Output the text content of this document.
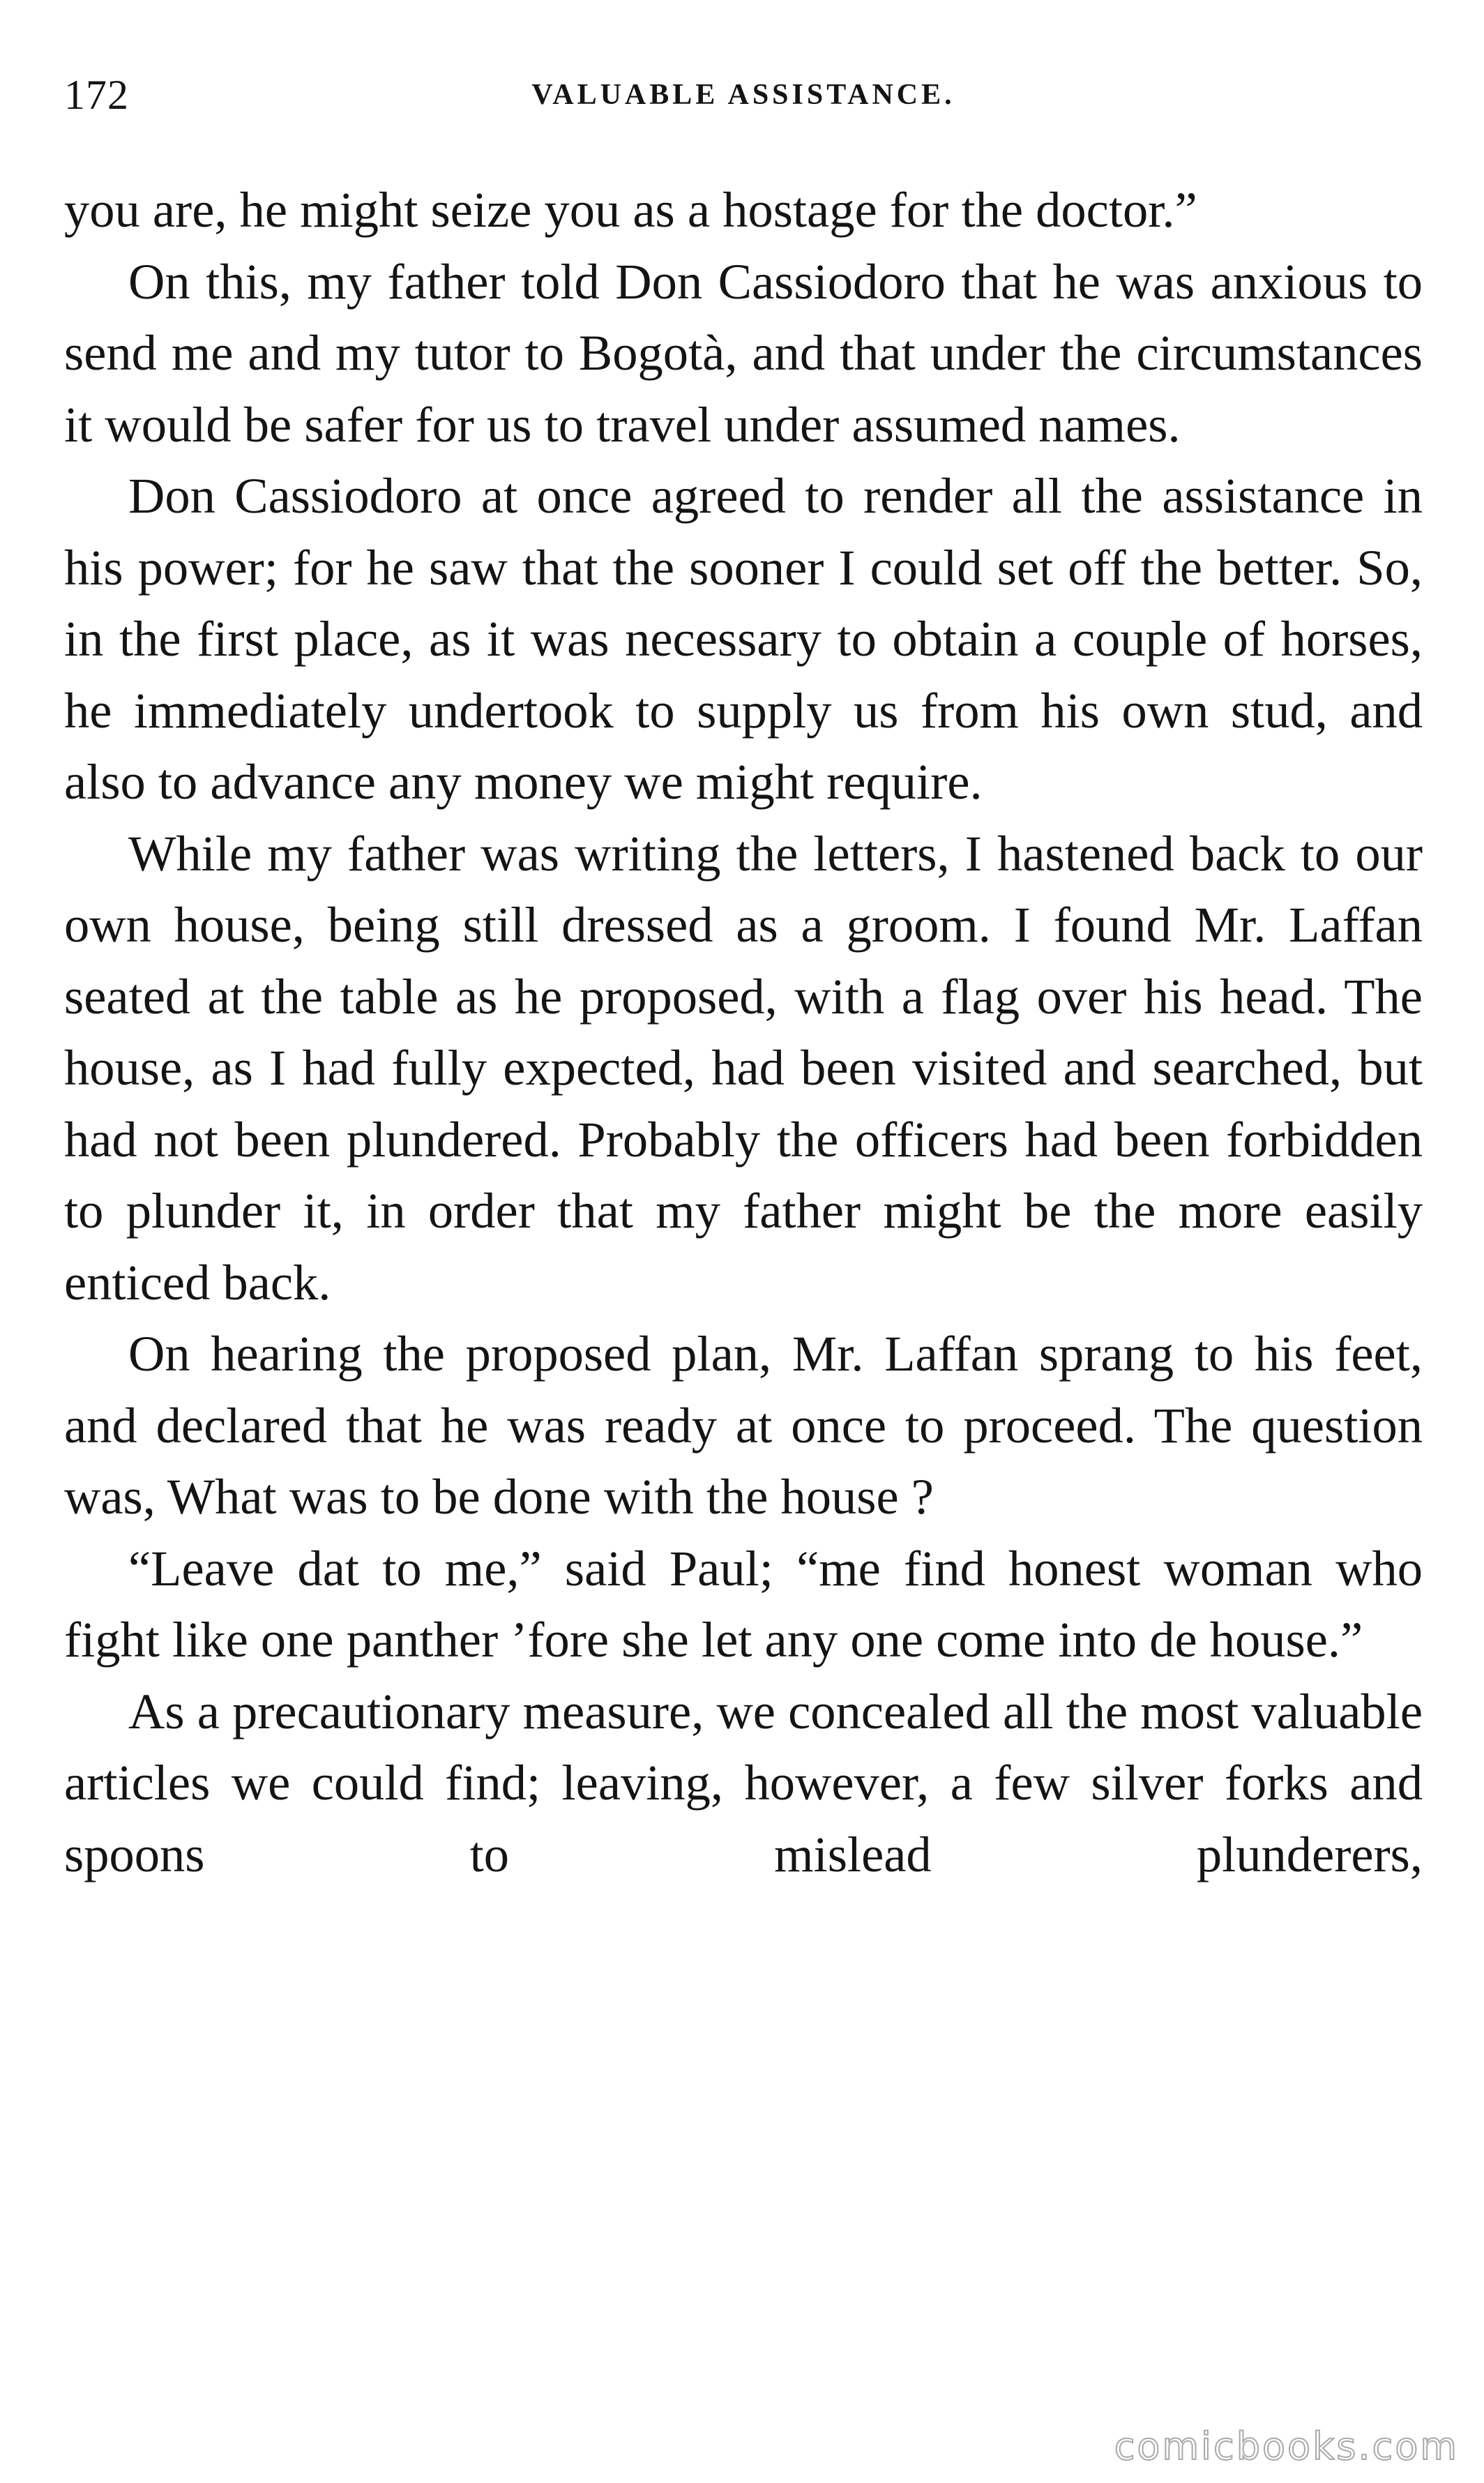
172	VALUABLE ASSISTANCE.

you are, he might seize you as a hostage for the doctor.”

On this, my father told Don Cassiodoro that he was anxious to send me and my tutor to Bogotà, and that under the circumstances it would be safer for us to travel under assumed names.

Don Cassiodoro at once agreed to render all the assistance in his power; for he saw that the sooner I could set off the better. So, in the first place, as it was necessary to obtain a couple of horses, he immediately undertook to supply us from his own stud, and also to advance any money we might require.

While my father was writing the letters, I hastened back to our own house, being still dressed as a groom. I found Mr. Laffan seated at the table as he proposed, with a flag over his head. The house, as I had fully expected, had been visited and searched, but had not been plundered. Probably the officers had been forbidden to plunder it, in order that my father might be the more easily enticed back.

On hearing the proposed plan, Mr. Laffan sprang to his feet, and declared that he was ready at once to proceed. The question was, What was to be done with the house ?

“Leave dat to me,” said Paul; “me find honest woman who fight like one panther ’fore she let any one come into de house.”

As a precautionary measure, we concealed all the most valuable articles we could find; leaving, however, a few silver forks and spoons to mislead plunderers,

comicbooks.com
